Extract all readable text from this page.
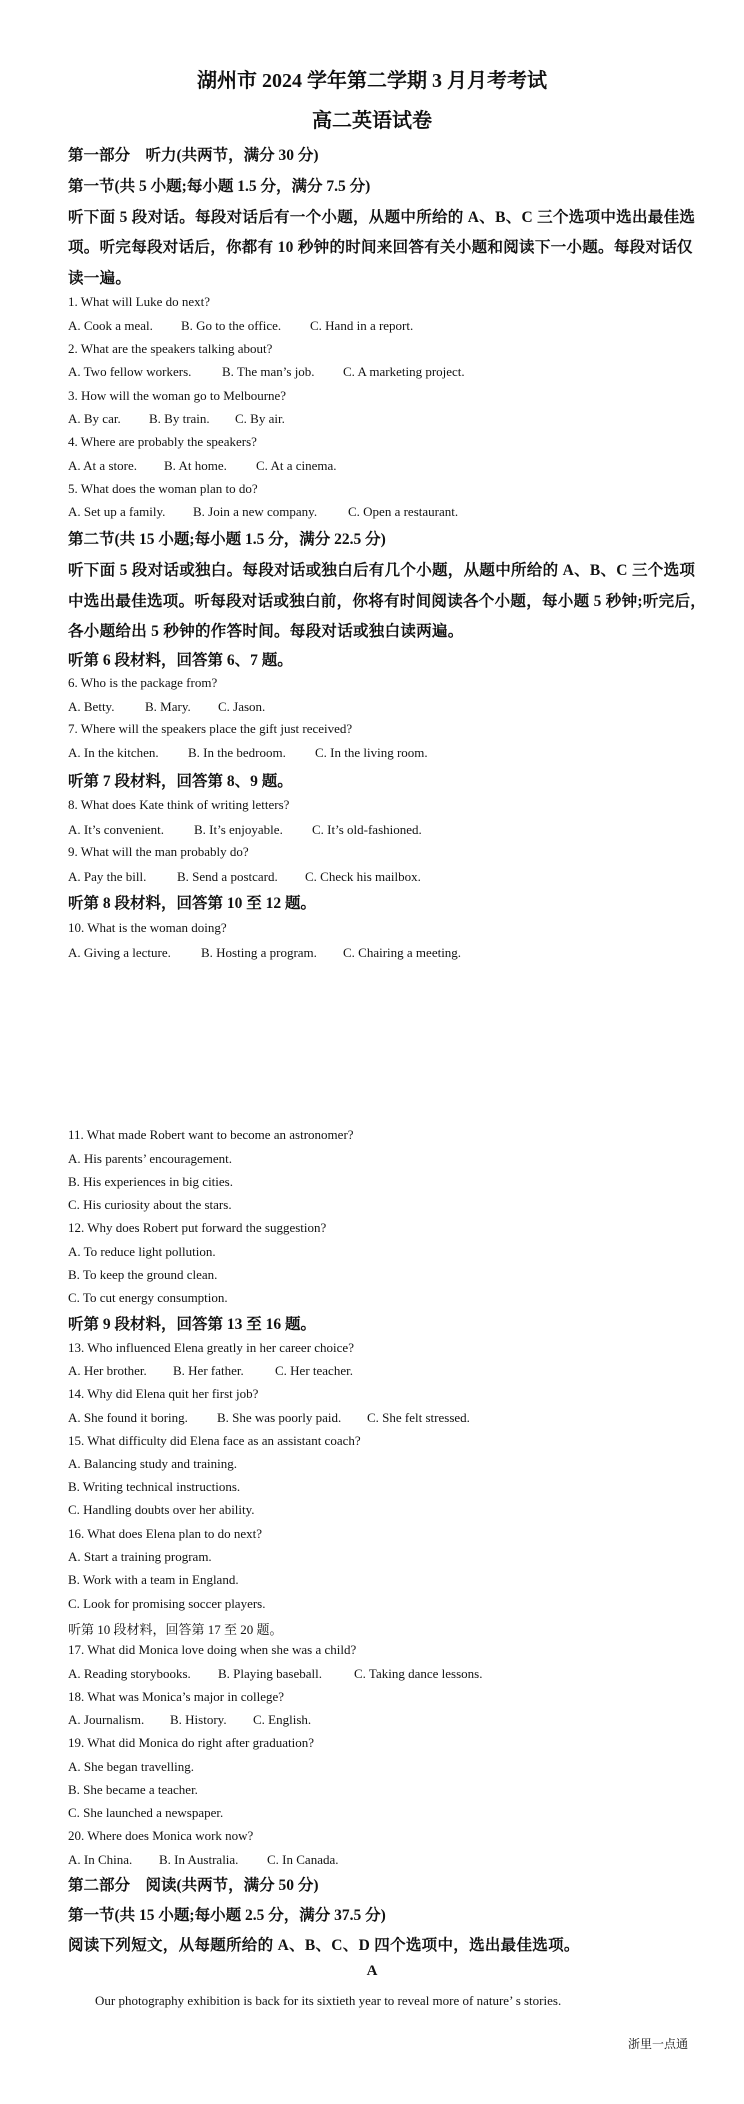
湖州市 2024 学年第二学期 3 月月考考试
高二英语试卷
第一部分　听力(共两节，满分 30 分)
第一节(共 5 小题;每小题 1.5 分，满分 7.5 分)
听下面 5 段对话。每段对话后有一个小题，从题中所给的 A、B、C 三个选项中选出最佳选
项。听完每段对话后，你都有 10 秒钟的时间来回答有关小题和阅读下一小题。每段对话仅
读一遍。
1. What will Luke do next?
A. Cook a meal. B. Go to the office. C. Hand in a report.
2. What are the speakers talking about?
A. Two fellow workers. B. The man’s job. C. A marketing project.
3. How will the woman go to Melbourne?
A. By car. B. By train. C. By air.
4. Where are probably the speakers?
A. At a store. B. At home. C. At a cinema.
5. What does the woman plan to do?
A. Set up a family. B. Join a new company. C. Open a restaurant.
第二节(共 15 小题;每小题 1.5 分，满分 22.5 分)
听下面 5 段对话或独白。每段对话或独白后有几个小题，从题中所给的 A、B、C 三个选项
中选出最佳选项。听每段对话或独白前，你将有时间阅读各个小题，每小题 5 秒钟;听完后，
各小题给出 5 秒钟的作答时间。每段对话或独白读两遍。
听第 6 段材料，回答第 6、7 题。
6. Who is the package from?
A. Betty. B. Mary. C. Jason.
7. Where will the speakers place the gift just received?
A. In the kitchen. B. In the bedroom. C. In the living room.
听第 7 段材料，回答第 8、9 题。
8. What does Kate think of writing letters?
A. It’s convenient. B. It’s enjoyable. C. It’s old-fashioned.
9. What will the man probably do?
A. Pay the bill. B. Send a postcard. C. Check his mailbox.
听第 8 段材料，回答第 10 至 12 题。
10. What is the woman doing?
A. Giving a lecture. B. Hosting a program. C. Chairing a meeting.
11. What made Robert want to become an astronomer?
A. His parents’ encouragement.
B. His experiences in big cities.
C. His curiosity about the stars.
12. Why does Robert put forward the suggestion?
A. To reduce light pollution.
B. To keep the ground clean.
C. To cut energy consumption.
听第 9 段材料，回答第 13 至 16 题。
13. Who influenced Elena greatly in her career choice?
A. Her brother. B. Her father. C. Her teacher.
14. Why did Elena quit her first job?
A. She found it boring. B. She was poorly paid. C. She felt stressed.
15. What difficulty did Elena face as an assistant coach?
A. Balancing study and training.
B. Writing technical instructions.
C. Handling doubts over her ability.
16. What does Elena plan to do next?
A. Start a training program.
B. Work with a team in England.
C. Look for promising soccer players.
听第 10 段材料，回答第 17 至 20 题。
17. What did Monica love doing when she was a child?
A. Reading storybooks. B. Playing baseball. C. Taking dance lessons.
18. What was Monica’s major in college?
A. Journalism. B. History. C. English.
19. What did Monica do right after graduation?
A. She began travelling.
B. She became a teacher.
C. She launched a newspaper.
20. Where does Monica work now?
A. In China. B. In Australia. C. In Canada.
第二部分　阅读(共两节，满分 50 分)
第一节(共 15 小题;每小题 2.5 分，满分 37.5 分)
阅读下列短文，从每题所给的 A、B、C、D 四个选项中，选出最佳选项。
A
Our photography exhibition is back for its sixtieth year to reveal more of nature’ s stories.
浙里一点通
